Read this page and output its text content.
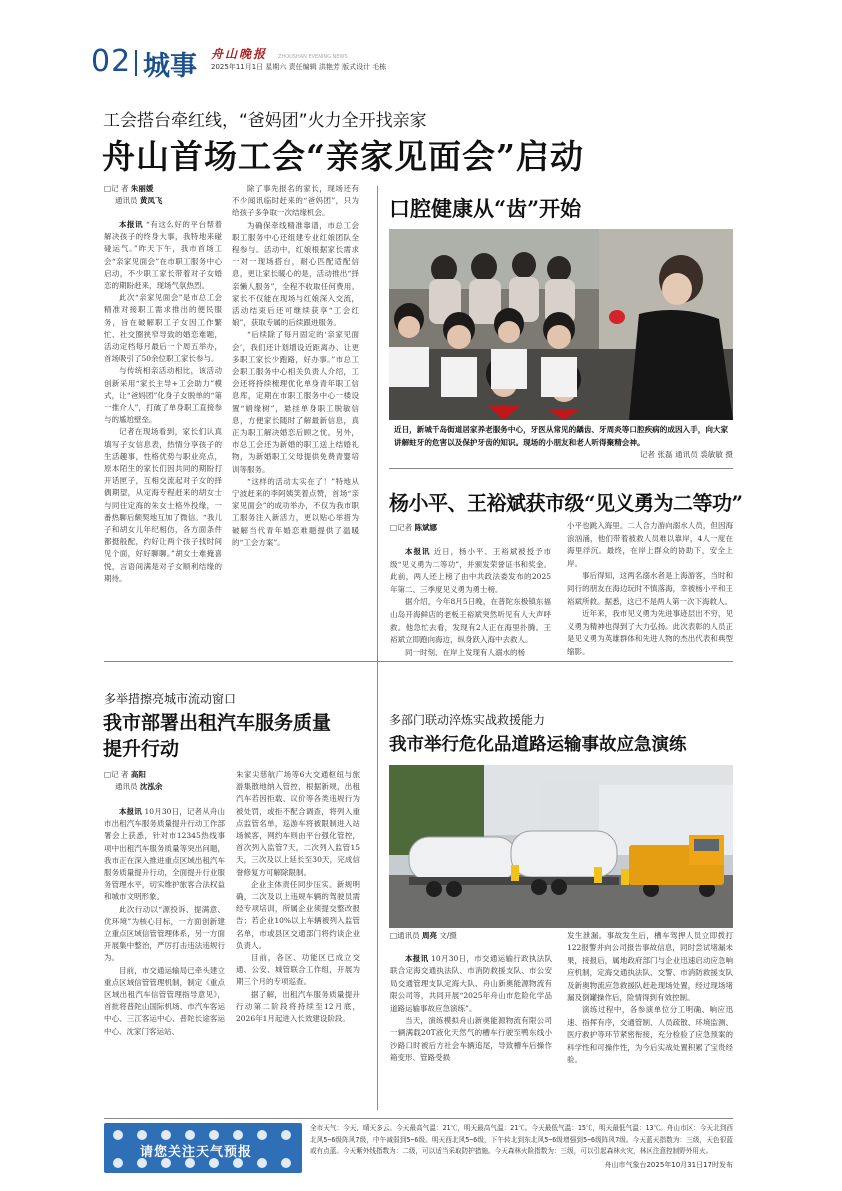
02 城事 舟山晚报 ZHOUSHAN EVENING NEWS
2025年11月1日 星期六 责任编辑 洪艳芳 版式设计 毛栋
工会搭台牵红线，“爸妈团”火力全开找亲家
舟山首场工会“亲家见面会”启动
□记 者 朱丽媛
通讯员 黄凤飞

本报讯 “有这么好的平台帮着解决孩子的终身大事，我特地来碰碰运气。”昨天下午，我市首场工会“亲家见面会”在市职工服务中心启动，不少职工家长带着对子女婚恋的期盼赶来，现场气氛热烈。

此次“亲家见面会”是市总工会精准对接职工需求推出的便民服务，旨在破解职工子女因工作繁忙、社交圈狭窄导致的婚恋难题，活动定档每月最后一个周五举办，首场吸引了50余位职工家长参与。

与传统相亲活动相比，该活动创新采用“家长主导+工会助力”模式，让“爸妈团”化身子女脱单的“第一推介人”，打破了单身职工直接参与的尴尬壁垒。

记者在现场看到，家长们认真填写子女信息表，热情分享孩子的生活趣事，性格优势与职业亮点，原本陌生的家长们因共同的期盼打开话匣子，互相交流起对子女的择偶期望，从定海专程赶来的胡女士与同住定海的朱女士格外投缘，一番热聊后颇契地互加了微信。“我儿子和胡女儿年纪相仿，各方面条件都挺般配，约好让两个孩子找时间见个面，好好聊聊。”胡女士难掩喜悦，言语间满是对子女顺利结缘的期待。

除了事先报名的家长，现场还有不少闻讯临时赶来的“爸妈团”，只为给孩子多争取一次结缘机会。

为确保牵线精准靠谱，市总工会职工服务中心还组建专业红娘团队全程参与。活动中，红娘根据家长需求一对一现场搭台，耐心匹配适配信息，更让家长暖心的是，活动推出“择亲懒人服务”，全程不收取任何费用。家长不仅能在现场与红娘深入交流，活动结束后还可继续获享“工会红娘”，获取专属的后续跟进服务。

“后续除了每月固定的‘亲家见面会’，我们还计划增设近距离办、让更多职工家长少跑路，好办事。”市总工会职工服务中心相关负责人介绍，工会还将持续梳理优化单身青年职工信息库，定期在市职工服务中心一楼设置“娟缘树”，悬挂单身职工脱敏信息，方便家长随时了解最新信息，真正为职工解决婚恋后顾之忧。另外，市总工会还为新婚的职工送上结婚礼物，为新婚职工父母提供免费青婴培训等服务。

“这样的活动太实在了！”特地从宁波赶来的李阿姨笑着点赞，首场“亲家见面会”的成功举办，不仅为我市职工服务注入新活力，更以贴心举措为破解当代青年婚恋难题提供了温暖的“工会方案”。

口腔健康从“齿”开始
近日，新城千岛街道居家养老服务中心，牙医从常见的龋齿、牙周炎等口腔疾病的成因入手，向大家讲解蛀牙的危害以及保护牙齿的知识。现场的小朋友和老人听得聚精会神。
记者 张磊 通讯员 裘敏敏 摄
杨小平、王裕斌获市级“见义勇为二等功”
□记者 陈斌娜

本报讯 近日，杨小平、王裕斌被授予市级“见义勇为二等功”，并颁发荣誉证书和奖金。此前，两人还上榜了由中共政法委发布的2025年第二、三季度见义勇为勇士榜。

据介绍，今年8月5日晚，在普陀东极镇东福山岛开海鲜店的老板王裕斌突然听见有人大声呼救。他急忙去看，发现有2人正在海里扑腾。王裕斌立即跑向海边，纵身跃入海中去救人。

同一时刻，在岸上发现有人溺水的杨

小平也跳入海里。二人合力游向溺水人员，但因海浪汹涌，他们带着被救人员难以靠岸，4人一度在海里浮沉。最终，在岸上群众的协助下，安全上岸。

事后得知，这两名溺水者是上海游客，当时和同行的朋友在海边玩时不慎落海，幸被杨小平和王裕斌所救。据悉，这已不是两人第一次下海救人。

近年来，我市见义勇为先进事迹层出不穷，见义勇为精神也得到了大力弘扬。此次表彰的人员正是见义勇为英雄群体和先进人物的杰出代表和典型缩影。

多举措擦亮城市流动窗口
我市部署出租汽车服务质量
提升行动
□记 者 高阳
通讯员 沈泓余

本报讯 10月30日，记者从舟山市出租汽车服务质量提升行动工作部署会上获悉，针对市12345热线事项中出租汽车服务质量等突出问题，我市正在深入推进重点区域出租汽车服务质量提升行动，全面提升行业服务管理水平，切实维护旅客合法权益和城市文明形象。

此次行动以“源投诉、提满意、优环境”为核心目标，一方面创新建立重点区域信管管理体系，另一方面开展集中整治，严厉打击违法违规行为。

目前，市交通运输局已牵头建立重点区域信管管理机制，制定《重点区域出租汽车信管管理指导意见》，首批将普陀山国际机场、市汽车客运中心、三江客运中心、普陀长途客运中心、沈家门客运站、

朱家尖慈航广场等6大交通枢纽与旅游集散地纳入管控，根据新规，出租汽车若因拒载、议价等各类违规行为被处罚，或拒不配合调查，将列入重点监管名单，巡游车将被限制进入站场候客，网约车则由平台强化管控，首次列入监管7天，二次列入监管15天，三次及以上延长至30天，完成信誉修复方可解除限制。

企业主体责任同步压实。新规明确，二次及以上违规车辆的驾驶员需经专项培训，所属企业须提交整改报告；若企业10%以上车辆被列入监管名单，市或县区交通部门将约谈企业负责人。

目前，各区、功能区已成立交通、公安、城管联合工作组，开展为期三个月的专项巡查。

据了解，出租汽车服务质量提升行动第二阶段将持续至12月底，2026年1月起进入长效建设阶段。

多部门联动淬炼实战救援能力
我市举行危化品道路运输事故应急演练
□通讯员 周亮 文/摄

本报讯 10月30日，市交通运输行政执法队联合定海交通执法队、市消防救援支队、市公安局交通管理支队定海大队、舟山新奥能源物流有限公司等，共同开展“2025年舟山市危险化学品道路运输事故应急演练”。

当天，演练模拟舟山新奥能源物流有限公司一辆满载20T液化天然气的槽车行驶至鸭东线小沙路口时被后方社会车辆追尾，导致槽车后操作箱变形、管路受损

发生泄漏。事故发生后，槽车驾押人员立即拨打122报警并向公司报告事故信息，同时尝试堵漏未果，接报后，属地政府部门与企业迅速启动应急响应机制，定海交通执法队、交警、市消防救援支队及新奥物流应急救援队赶赴现场处置，经过现场堵漏及倒罐操作后，险情得到有效控制。

演练过程中，各参演单位分工明确、响应迅速、指挥有序，交通管制、人员疏散、环境监测、医疗救护等环节紧密衔接，充分检验了应急预案的科学性和可操作性，为今后实战处置积累了宝贵经验。

请您关注天气预报
全市天气：今天，晴天多云。今天最高气温：21℃，明天最高气温：21℃。今天最低气温：15℃，明天最低气温：13℃。舟山市区：今天北到西北风5~6级阵风7级，中午减弱到5~6级。明天西北风5~6级，下午转北到东北风5~6级增强到5~6级阵风7级。今天蓝天指数为：三级，天色很蓝或有点蓝。今天紫外线指数为：二级，可以适当采取防护措施。今天森林火险指数为：三级，可以引起森林火灾，林区注意控制野外用火。
舟山市气象台2025年10月31日17时发布
